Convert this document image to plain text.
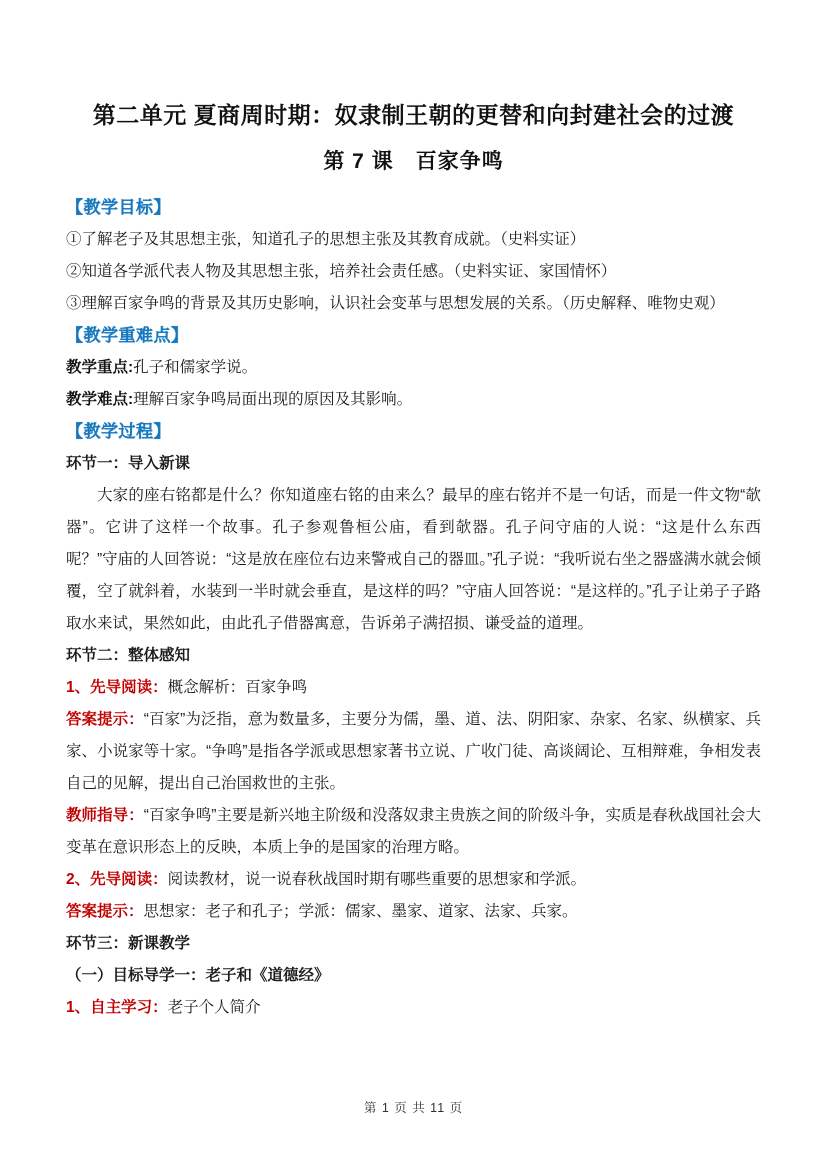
第二单元 夏商周时期：奴隶制王朝的更替和向封建社会的过渡
第 7 课　百家争鸣

【教学目标】

①了解老子及其思想主张，知道孔子的思想主张及其教育成就。（史料实证）

②知道各学派代表人物及其思想主张，培养社会责任感。（史料实证、家国情怀）

③理解百家争鸣的背景及其历史影响，认识社会变革与思想发展的关系。（历史解释、唯物史观）

【教学重难点】

教学重点:孔子和儒家学说。

教学难点:理解百家争鸣局面出现的原因及其影响。

【教学过程】

环节一：导入新课

大家的座右铭都是什么？你知道座右铭的由来么？最早的座右铭并不是一句话，而是一件文物“欹器”。它讲了这样一个故事。孔子参观鲁桓公庙，看到欹器。孔子问守庙的人说：“这是什么东西呢？”守庙的人回答说：“这是放在座位右边来警戒自己的器皿。”孔子说：“我听说右坐之器盛满水就会倾覆，空了就斜着，水装到一半时就会垂直，是这样的吗？”守庙人回答说：“是这样的。”孔子让弟子子路取水来试，果然如此，由此孔子借器寓意，告诉弟子满招损、谦受益的道理。

环节二：整体感知

1、先导阅读：概念解析：百家争鸣

答案提示：“百家”为泛指，意为数量多，主要分为儒，墨、道、法、阴阳家、杂家、名家、纵横家、兵家、小说家等十家。“争鸣”是指各学派或思想家著书立说、广收门徒、高谈阔论、互相辩难，争相发表自己的见解，提出自己治国救世的主张。

教师指导：“百家争鸣”主要是新兴地主阶级和没落奴隶主贵族之间的阶级斗争，实质是春秋战国社会大变革在意识形态上的反映，本质上争的是国家的治理方略。

2、先导阅读：阅读教材，说一说春秋战国时期有哪些重要的思想家和学派。

答案提示：思想家：老子和孔子；学派：儒家、墨家、道家、法家、兵家。

环节三：新课教学

（一）目标导学一：老子和《道德经》

1、自主学习：老子个人简介

第 1 页 共 11 页
